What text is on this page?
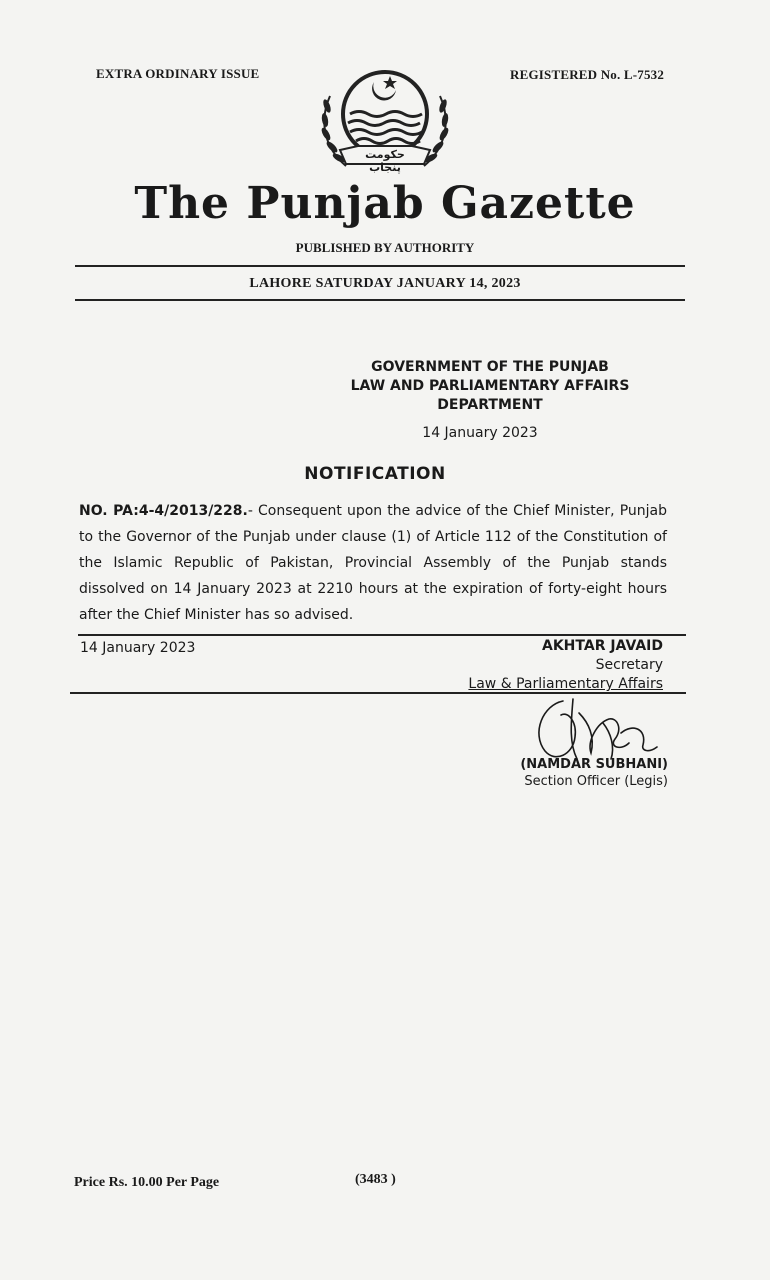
EXTRA ORDINARY ISSUE	REGISTERED No. L-7532
حکومت پنجاب
The Punjab Gazette
PUBLISHED BY AUTHORITY
LAHORE SATURDAY JANUARY 14, 2023
GOVERNMENT OF THE PUNJAB
LAW AND PARLIAMENTARY AFFAIRS
DEPARTMENT
14 January 2023
NOTIFICATION
NO. PA:4-4/2013/228.- Consequent upon the advice of the Chief Minister, Punjab to the Governor of the Punjab under clause (1) of Article 112 of the Constitution of the Islamic Republic of Pakistan, Provincial Assembly of the Punjab stands dissolved on 14 January 2023 at 2210 hours at the expiration of forty-eight hours after the Chief Minister has so advised.
14 January 2023	AKHTAR JAVAID
Secretary
Law & Parliamentary Affairs
(NAMDAR SUBHANI)
Section Officer (Legis)
Price Rs. 10.00 Per Page	(3483 )
